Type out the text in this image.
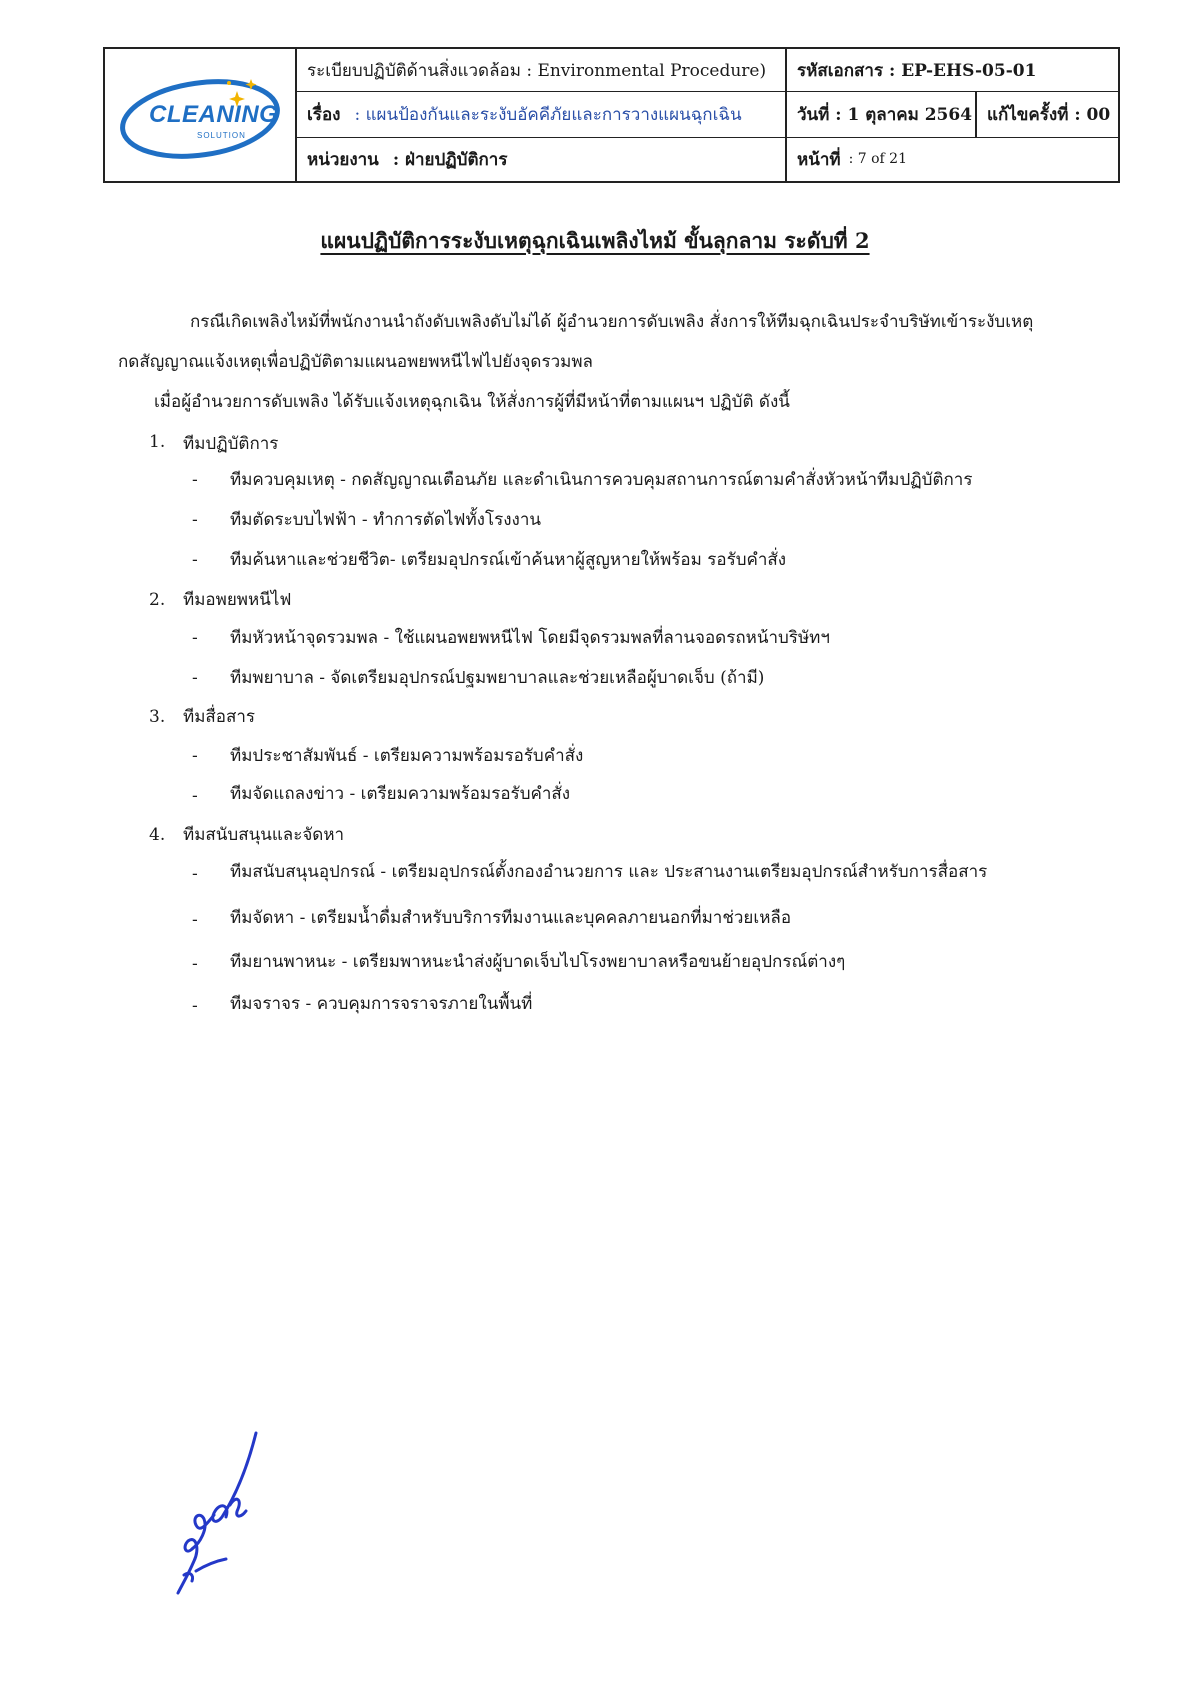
CLEANING
SOLUTION
ระเบียบปฏิบัติด้านสิ่งแวดล้อม : Environmental Procedure)	รหัสเอกสาร : EP-EHS-05-01
เรื่อง : แผนป้องกันและระงับอัคคีภัยและการวางแผนฉุกเฉิน	วันที่ : 1 ตุลาคม 2564 แก้ไขครั้งที่ : 00
หน่วยงาน : ฝ่ายปฏิบัติการ	หน้าที่ : 7 of 21
แผนปฏิบัติการระงับเหตุฉุกเฉินเพลิงไหม้ ขั้นลุกลาม ระดับที่ 2
กรณีเกิดเพลิงไหม้ที่พนักงานนำถังดับเพลิงดับไม่ได้ ผู้อำนวยการดับเพลิง สั่งการให้ทีมฉุกเฉินประจำบริษัทเข้าระงับเหตุ
กดสัญญาณแจ้งเหตุเพื่อปฏิบัติตามแผนอพยพหนีไฟไปยังจุดรวมพล
เมื่อผู้อำนวยการดับเพลิง ได้รับแจ้งเหตุฉุกเฉิน ให้สั่งการผู้ที่มีหน้าที่ตามแผนฯ ปฏิบัติ ดังนี้
1. ทีมปฏิบัติการ
- ทีมควบคุมเหตุ - กดสัญญาณเตือนภัย และดำเนินการควบคุมสถานการณ์ตามคำสั่งหัวหน้าทีมปฏิบัติการ
- ทีมตัดระบบไฟฟ้า - ทำการตัดไฟทั้งโรงงาน
- ทีมค้นหาและช่วยชีวิต- เตรียมอุปกรณ์เข้าค้นหาผู้สูญหายให้พร้อม รอรับคำสั่ง
2. ทีมอพยพหนีไฟ
- ทีมหัวหน้าจุดรวมพล - ใช้แผนอพยพหนีไฟ โดยมีจุดรวมพลที่ลานจอดรถหน้าบริษัทฯ
- ทีมพยาบาล - จัดเตรียมอุปกรณ์ปฐมพยาบาลและช่วยเหลือผู้บาดเจ็บ (ถ้ามี)
3. ทีมสื่อสาร
- ทีมประชาสัมพันธ์ - เตรียมความพร้อมรอรับคำสั่ง
- ทีมจัดแถลงข่าว - เตรียมความพร้อมรอรับคำสั่ง
4. ทีมสนับสนุนและจัดหา
- ทีมสนับสนุนอุปกรณ์ - เตรียมอุปกรณ์ตั้งกองอำนวยการ และ ประสานงานเตรียมอุปกรณ์สำหรับการสื่อสาร
- ทีมจัดหา - เตรียมน้ำดื่มสำหรับบริการทีมงานและบุคคลภายนอกที่มาช่วยเหลือ
- ทีมยานพาหนะ - เตรียมพาหนะนำส่งผู้บาดเจ็บไปโรงพยาบาลหรือขนย้ายอุปกรณ์ต่างๆ
- ทีมจราจร - ควบคุมการจราจรภายในพื้นที่
